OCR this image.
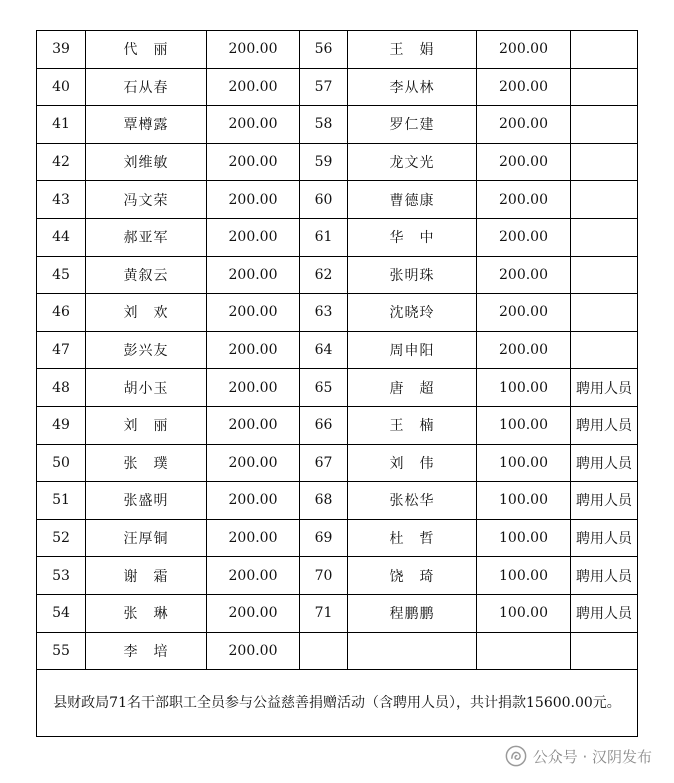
39	代　丽	200.00	56	王　娟	200.00	
40	石从春	200.00	57	李从林	200.00	
41	覃樽露	200.00	58	罗仁建	200.00	
42	刘维敏	200.00	59	龙文光	200.00	
43	冯文荣	200.00	60	曹德康	200.00	
44	郝亚军	200.00	61	华　中	200.00	
45	黄叙云	200.00	62	张明珠	200.00	
46	刘　欢	200.00	63	沈晓玲	200.00	
47	彭兴友	200.00	64	周申阳	200.00	
48	胡小玉	200.00	65	唐　超	100.00	聘用人员
49	刘　丽	200.00	66	王　楠	100.00	聘用人员
50	张　璞	200.00	67	刘　伟	100.00	聘用人员
51	张盛明	200.00	68	张松华	100.00	聘用人员
52	汪厚铜	200.00	69	杜　哲	100.00	聘用人员
53	谢　霜	200.00	70	饶　琦	100.00	聘用人员
54	张　琳	200.00	71	程鹏鹏	100.00	聘用人员
55	李　培	200.00				
县财政局71名干部职工全员参与公益慈善捐赠活动（含聘用人员），共计捐款15600.00元。						
公众号 · 汉阴发布
